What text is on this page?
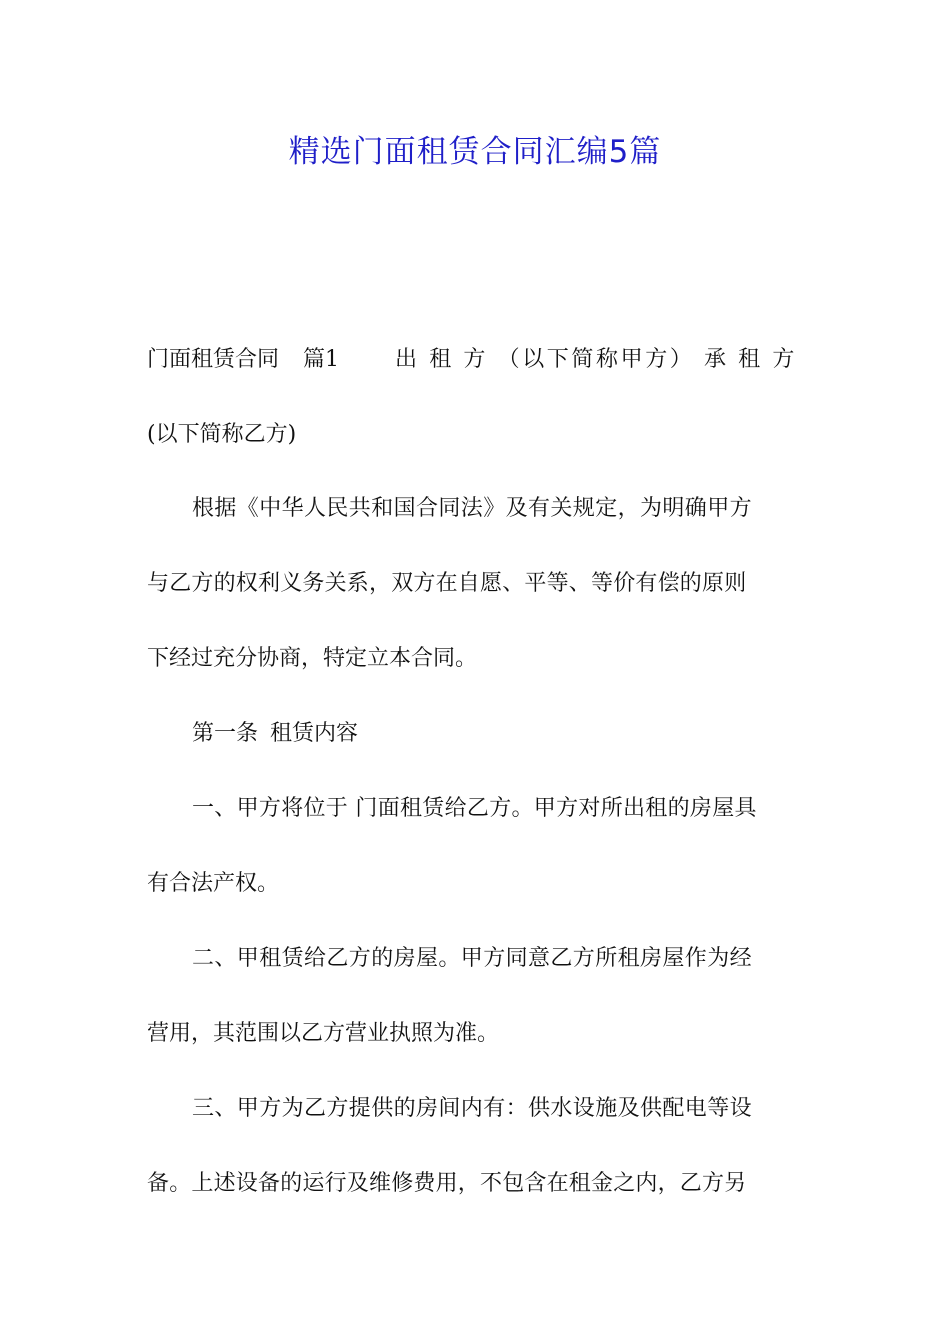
精选门面租赁合同汇编5篇
门面租赁合同 篇1	出 租 方 （以下简称甲方） 承 租 方
(以下简称乙方)
根据《中华人民共和国合同法》及有关规定，为明确甲方
与乙方的权利义务关系，双方在自愿、平等、等价有偿的原则
下经过充分协商，特定立本合同。
第一条 租赁内容
一、甲方将位于 门面租赁给乙方。甲方对所出租的房屋具
有合法产权。
二、甲租赁给乙方的房屋。甲方同意乙方所租房屋作为经
营用，其范围以乙方营业执照为准。
三、甲方为乙方提供的房间内有：供水设施及供配电等设
备。上述设备的运行及维修费用，不包含在租金之内，乙方另
